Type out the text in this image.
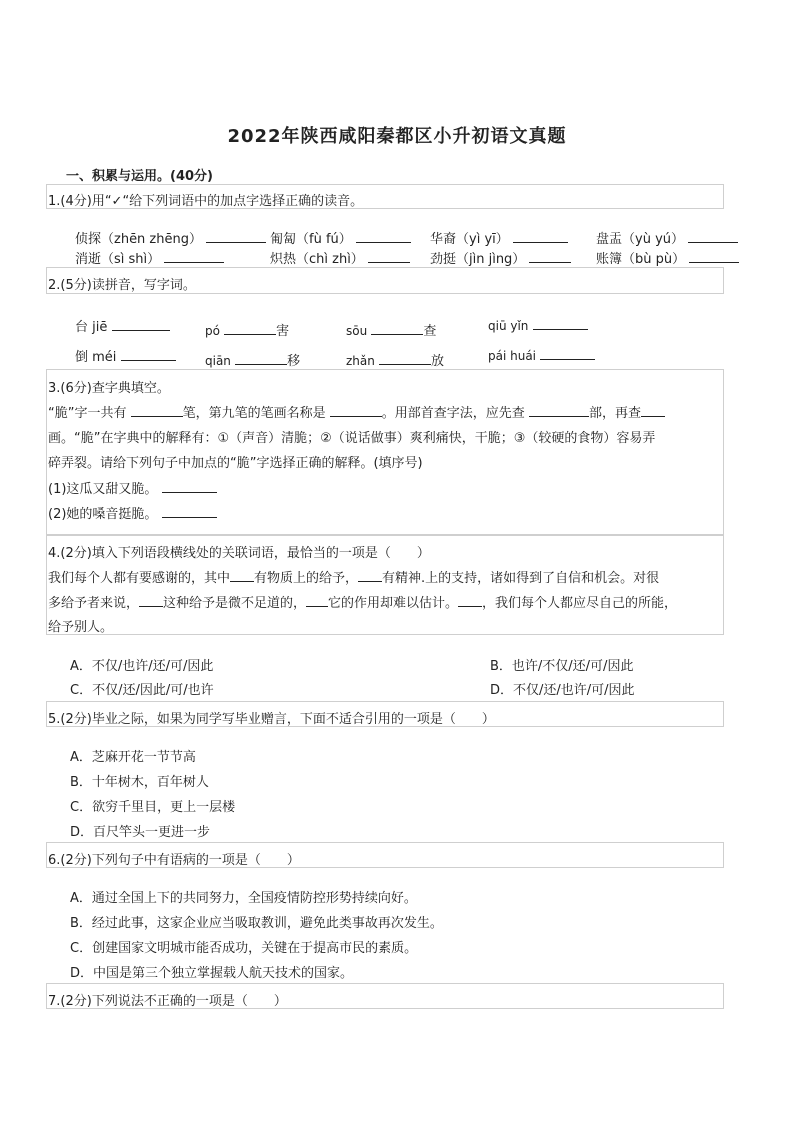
2022年陕西咸阳秦都区小升初语文真题
一、积累与运用。(40分)
1.(4分)用“✓“给下列词语中的加点字选择正确的读音。
侦探（zhēn zhēng）	匍匐（fù fú）	华裔（yì yī）	盘盂（yù yú）
消逝（sì shì）	炽热（chì zhì）	劲挺（jìn jìng）	账簿（bù pù）
2.(5分)读拼音，写字词。
台 jiē	pó	害	sōu	查	qiū yǐn
倒 méi	qiān	移	zhǎn	放	pái huái
3.(6分)查字典填空。
“脆”字一共有	笔，第九笔的笔画名称是	。用部首查字法，应先查	部，再查
画。“脆”在字典中的解释有：①（声音）清脆；②（说话做事）爽利痛快，干脆；③（较硬的食物）容易弄
碎弄裂。请给下列句子中加点的“脆”字选择正确的解释。(填序号)
(1)这瓜又甜又脆。
(2)她的嗓音挺脆。
4.(2分)填入下列语段横线处的关联词语，最恰当的一项是（　　）
我们每个人都有要感谢的，其中 有物质上的给予， 有精神.上的支持，诸如得到了自信和机会。对很
多给予者来说， 这种给予是微不足道的， 它的作用却难以估计。 ，我们每个人都应尽自己的所能，
给予别人。
A．不仅/也许/还/可/因此	B．也许/不仅/还/可/因此
C．不仅/还/因此/可/也许	D．不仅/还/也许/可/因此
5.(2分)毕业之际，如果为同学写毕业赠言，下面不适合引用的一项是（　　）
A．芝麻开花一节节高
B．十年树木，百年树人
C．欲穷千里目，更上一层楼
D．百尺竿头一更进一步
6.(2分)下列句子中有语病的一项是（　　）
A．通过全国上下的共同努力，全国疫情防控形势持续向好。
B．经过此事，这家企业应当吸取教训，避免此类事故再次发生。
C．创建国家文明城市能否成功，关键在于提高市民的素质。
D．中国是第三个独立掌握载人航天技术的国家。
7.(2分)下列说法不正确的一项是（　　）
